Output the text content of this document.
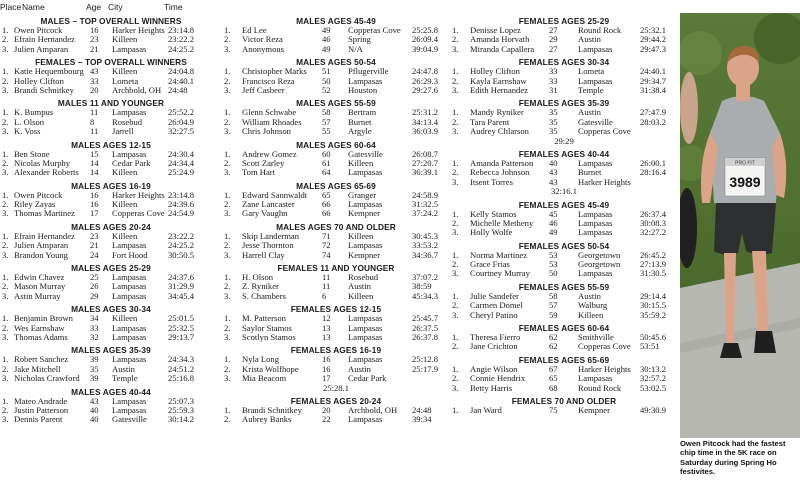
Place Name	Age City	Time
MALES – TOP OVERALL WINNERS
1. Owen Pitcock	16 Harker Heights 23:14.8
2. Efrain Hernandez 23 Killeen	23:22.2
3. Julien Amparan	21 Lampasas	24:25.2
FEMALES – TOP OVERALL WINNERS
1. Katie Hequembourg 43 Killeen	24:04.8
2. Holley Clifton	33 Lometa	24:40.1
3. Brandi Schnitkey 20 Archbold, OH 24:48
MALES 11 AND YOUNGER
1. K. Bumpus	11 Lampasas	25:52.2
2. L. Olson	8 Rosebud	26:04.9
3. K. Voss	11 Jarrell	32:27.5
MALES AGES 12-15
1. Ben Stone	15 Lampasas	24:30.4
2. Nicolas Murphy 14 Cedar Park 24:34.4
3. Alexander Roberts 14 Killeen	25:24.9
MALES AGES 16-19
1. Owen Pitcock	16 Harker Heights 23:14.8
2. Riley Zayas	16 Killeen	24:39.6
3. Thomas Martinez 17 Copperas Cove 24:54.9
MALES AGES 20-24
1. Efrain Hernandez 23 Killeen	23:22.2
2. Julien Amparan	21 Lampasas	24:25.2
3. Brandon Young	24 Fort Hood 30:50.5
MALES AGES 25-29
1. Edwin Chavez	25 Lampasas	24:37.6
2. Mason Murray	26 Lampasas	31:29.9
3. Astin Murray	29 Lampasas	34:45.4
MALES AGES 30-34
1. Benjamin Brown 34 Killeen	25:01.5
2. Wes Earnshaw	33 Lampasas	25:32.5
3. Thomas Adams	32 Lampasas	29:13.7
MALES AGES 35-39
1. Robert Sanchez	39 Lampasas	24:34.3
2. Jake Mitchell	35 Austin	24:51.2
3. Nicholas Crawford 39 Temple	25:16.8
MALES AGES 40-44
1. Mateo Andrade	43 Lampasas	25:07.3
2. Justin Patterson	40 Lampasas	25:59.3
3. Dennis Parent	40 Gatesville 30:14.2
MALES AGES 45-49
1. Ed Lee	49 Copperas Cove 25:25.8
2. Victor Reza	46 Spring	26:09.4
3. Anonymous	49 N/A	39:04.9
MALES AGES 50-54
1. Christopher Marks 51 Pflugerville	24:47.8
2. Francisco Reza	50 Lampasas	26:29.3
3. Jeff Casbeer	52 Houston	29:27.6
MALES AGES 55-59
1. Glenn Schwabe	58 Bertram	25:31.2
2. William Rhoades 57 Burnet	34:13.4
3. Chris Johnson	55 Argyle	36:03.9
MALES AGES 60-64
1. Andrew Gomez	60 Gatesville	26:08.7
2. Scott Zarley	61 Killeen	27:20.7
3. Tom Hart	64 Lampasas	36:39.1
MALES AGES 65-69
1. Edward Sannwaldt 65 Granger	24:58.9
2. Zane Lancaster	66 Lampasas	31:32.5
3. Gary Vaughn	66 Kempner	37:24.2
MALES AGES 70 AND OLDER
1. Skip Landerman	71 Killeen	30:45.3
2. Jesse Thornton	72 Lampasas	33:53.2
3. Harrell Clay	74 Kempner	34:36.7
FEMALES 11 AND YOUNGER
1. H. Olson	11 Rosebud	37:07.2
2. Z. Ryniker	11 Austin	38:59
3. S. Chambers	6	Killeen	45:34.3
FEMALES AGES 12-15
1. M. Patterson	12 Lampasas	25:45.7
2. Saylor Stamos	13 Lampasas	26:37.5
3. Scotlyn Stamos	13 Lampasas	26:37.8
FEMALES AGES 16-19
1. Nyla Long	16 Lampasas	25:12.8
2. Krista Wolfhope	16 Austin	25:17.9
3. Mia Beacom	17 Cedar Park
25:28.1
FEMALES AGES 20-24
1. Brandi Schnitkey 20 Archbold, OH 24:48
2. Aubrey Banks	22 Lampasas	39:34
FEMALES AGES 25-29
1. Denisse Lopez	27 Round Rock 25:32.1
2. Amanda Horvath 29 Austin	29:44.2
3. Miranda Capallera 27 Lampasas	29:47.3
FEMALES AGES 30-34
1. Holley Clifton	33 Lometa	24:40.1
2. Kayla Earnshaw	33 Lampasas	29:34.7
3. Edith Hernandez 31 Temple	31:38.4
FEMALES AGES 35-39
1. Mandy Ryniker	35 Austin	27:47.9
2. Tara Parent	35 Gatesville	28:03.2
3. Audrey Chlarson 35 Copperas Cove
29:29
FEMALES AGES 40-44
1. Amanda Patterson 40 Lampasas	26:00.1
2. Rebecca Johnson 43 Burnet	28:16.4
3. Itsent Torres	43 Harker Heights
32:16.1
FEMALES AGES 45-49
1. Kelly Stamos	45 Lampasas	26:37.4
2. Michelle Metheny 46 Lampasas	30:08.3
3. Holly Wolfe	49 Lampasas	32:27.2
FEMALES AGES 50-54
1. Norma Martinez	53 Georgetown 26:45.2
2. Grace Frias	53 Georgetown 27:13.9
3. Courtney Murray 50 Lampasas	31:30.5
FEMALES AGES 55-59
1. Julie Sandefer	58 Austin	29:14.4
2. Carmen Domel	57 Walburg	30:15.5
3. Cheryl Patino	59 Killeen	35:59.2
FEMALES AGES 60-64
1. Theresa Fierro	62 Smithville	50:45.6
2. Jane Crichton	62 Copperas Cove 53:51
FEMALES AGES 65-69
1. Angie Wilson	67 Harker Heights 30:13.2
2. Connie Hendrix	65 Lampasas	32:57.2
3. Betty Harris	68 Round Rock 53:02.5
FEMALES 70 AND OLDER
1. Jan Ward	75 Kempner	49:30.9
PRO FIT
3989
Owen Pitcock had the fastest chip time in the 5K race on Saturday during Spring Ho festivites.
